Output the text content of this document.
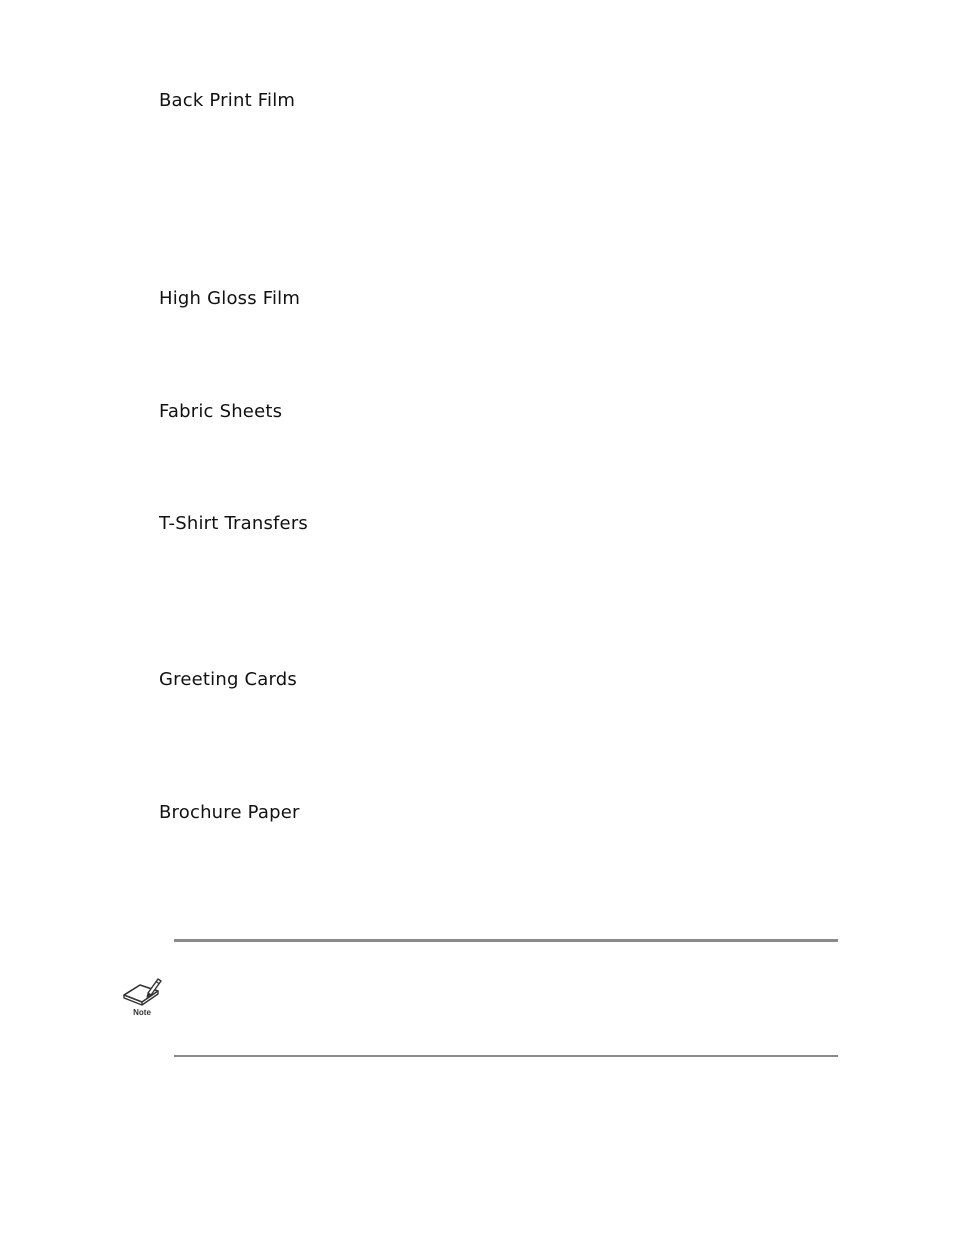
Back Print Film
High Gloss Film
Fabric Sheets
T-Shirt Transfers
Greeting Cards
Brochure Paper
Note
